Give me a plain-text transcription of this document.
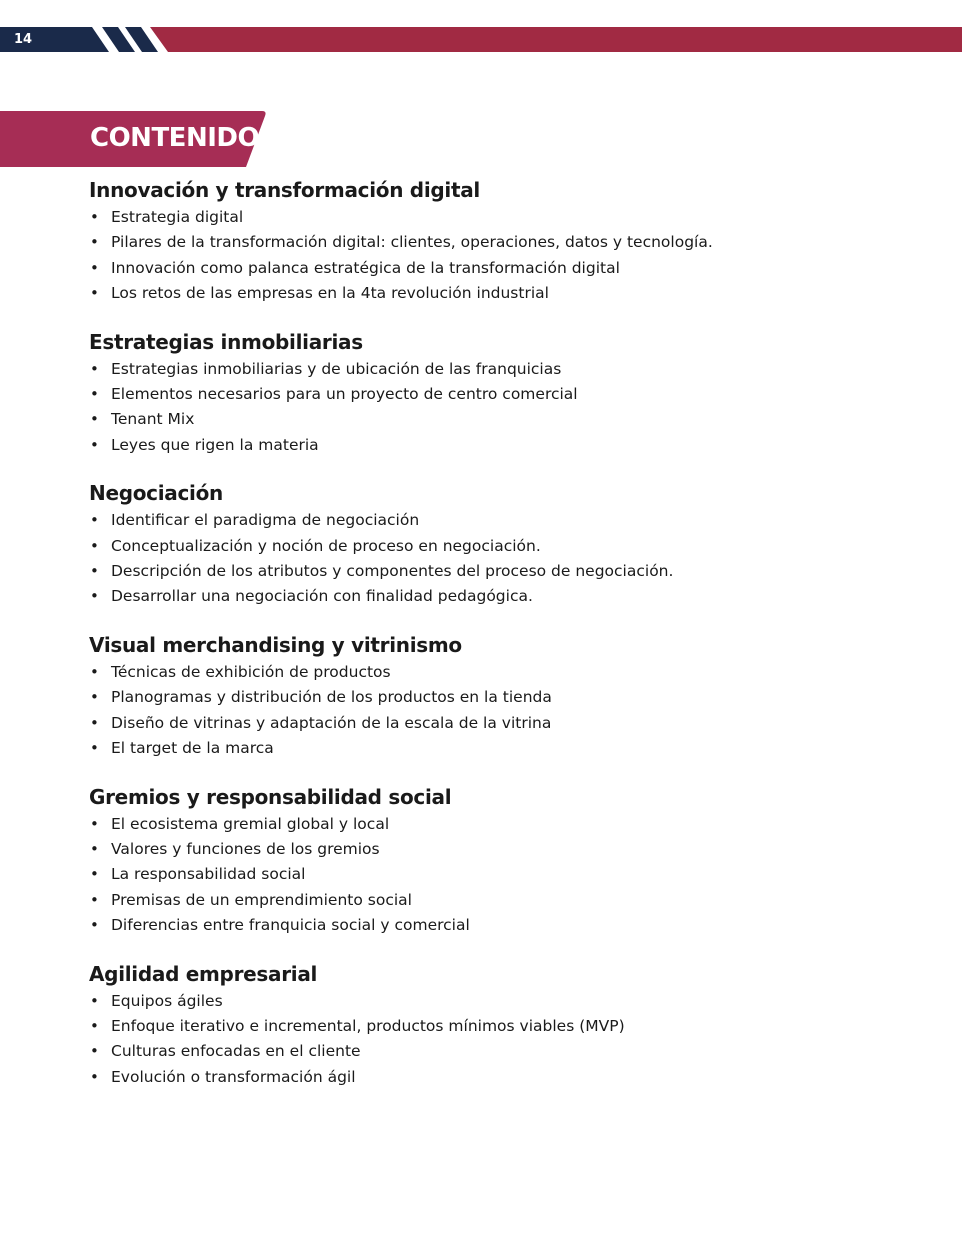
14
CONTENIDO
Innovación y transformación digital
• Estrategia digital
• Pilares de la transformación digital: clientes, operaciones, datos y tecnología.
• Innovación como palanca estratégica de la transformación digital
• Los retos de las empresas en la 4ta revolución industrial
Estrategias inmobiliarias
• Estrategias inmobiliarias y de ubicación de las franquicias
• Elementos necesarios para un proyecto de centro comercial
• Tenant Mix
• Leyes que rigen la materia
Negociación
• Identificar el paradigma de negociación
• Conceptualización y noción de proceso en negociación.
• Descripción de los atributos y componentes del proceso de negociación.
• Desarrollar una negociación con finalidad pedagógica.
Visual merchandising y vitrinismo
• Técnicas de exhibición de productos
• Planogramas y distribución de los productos en la tienda
• Diseño de vitrinas y adaptación de la escala de la vitrina
• El target de la marca
Gremios y responsabilidad social
• El ecosistema gremial global y local
• Valores y funciones de los gremios
• La responsabilidad social
• Premisas de un emprendimiento social
• Diferencias entre franquicia social y comercial
Agilidad empresarial
• Equipos ágiles
• Enfoque iterativo e incremental, productos mínimos viables (MVP)
• Culturas enfocadas en el cliente
• Evolución o transformación ágil
